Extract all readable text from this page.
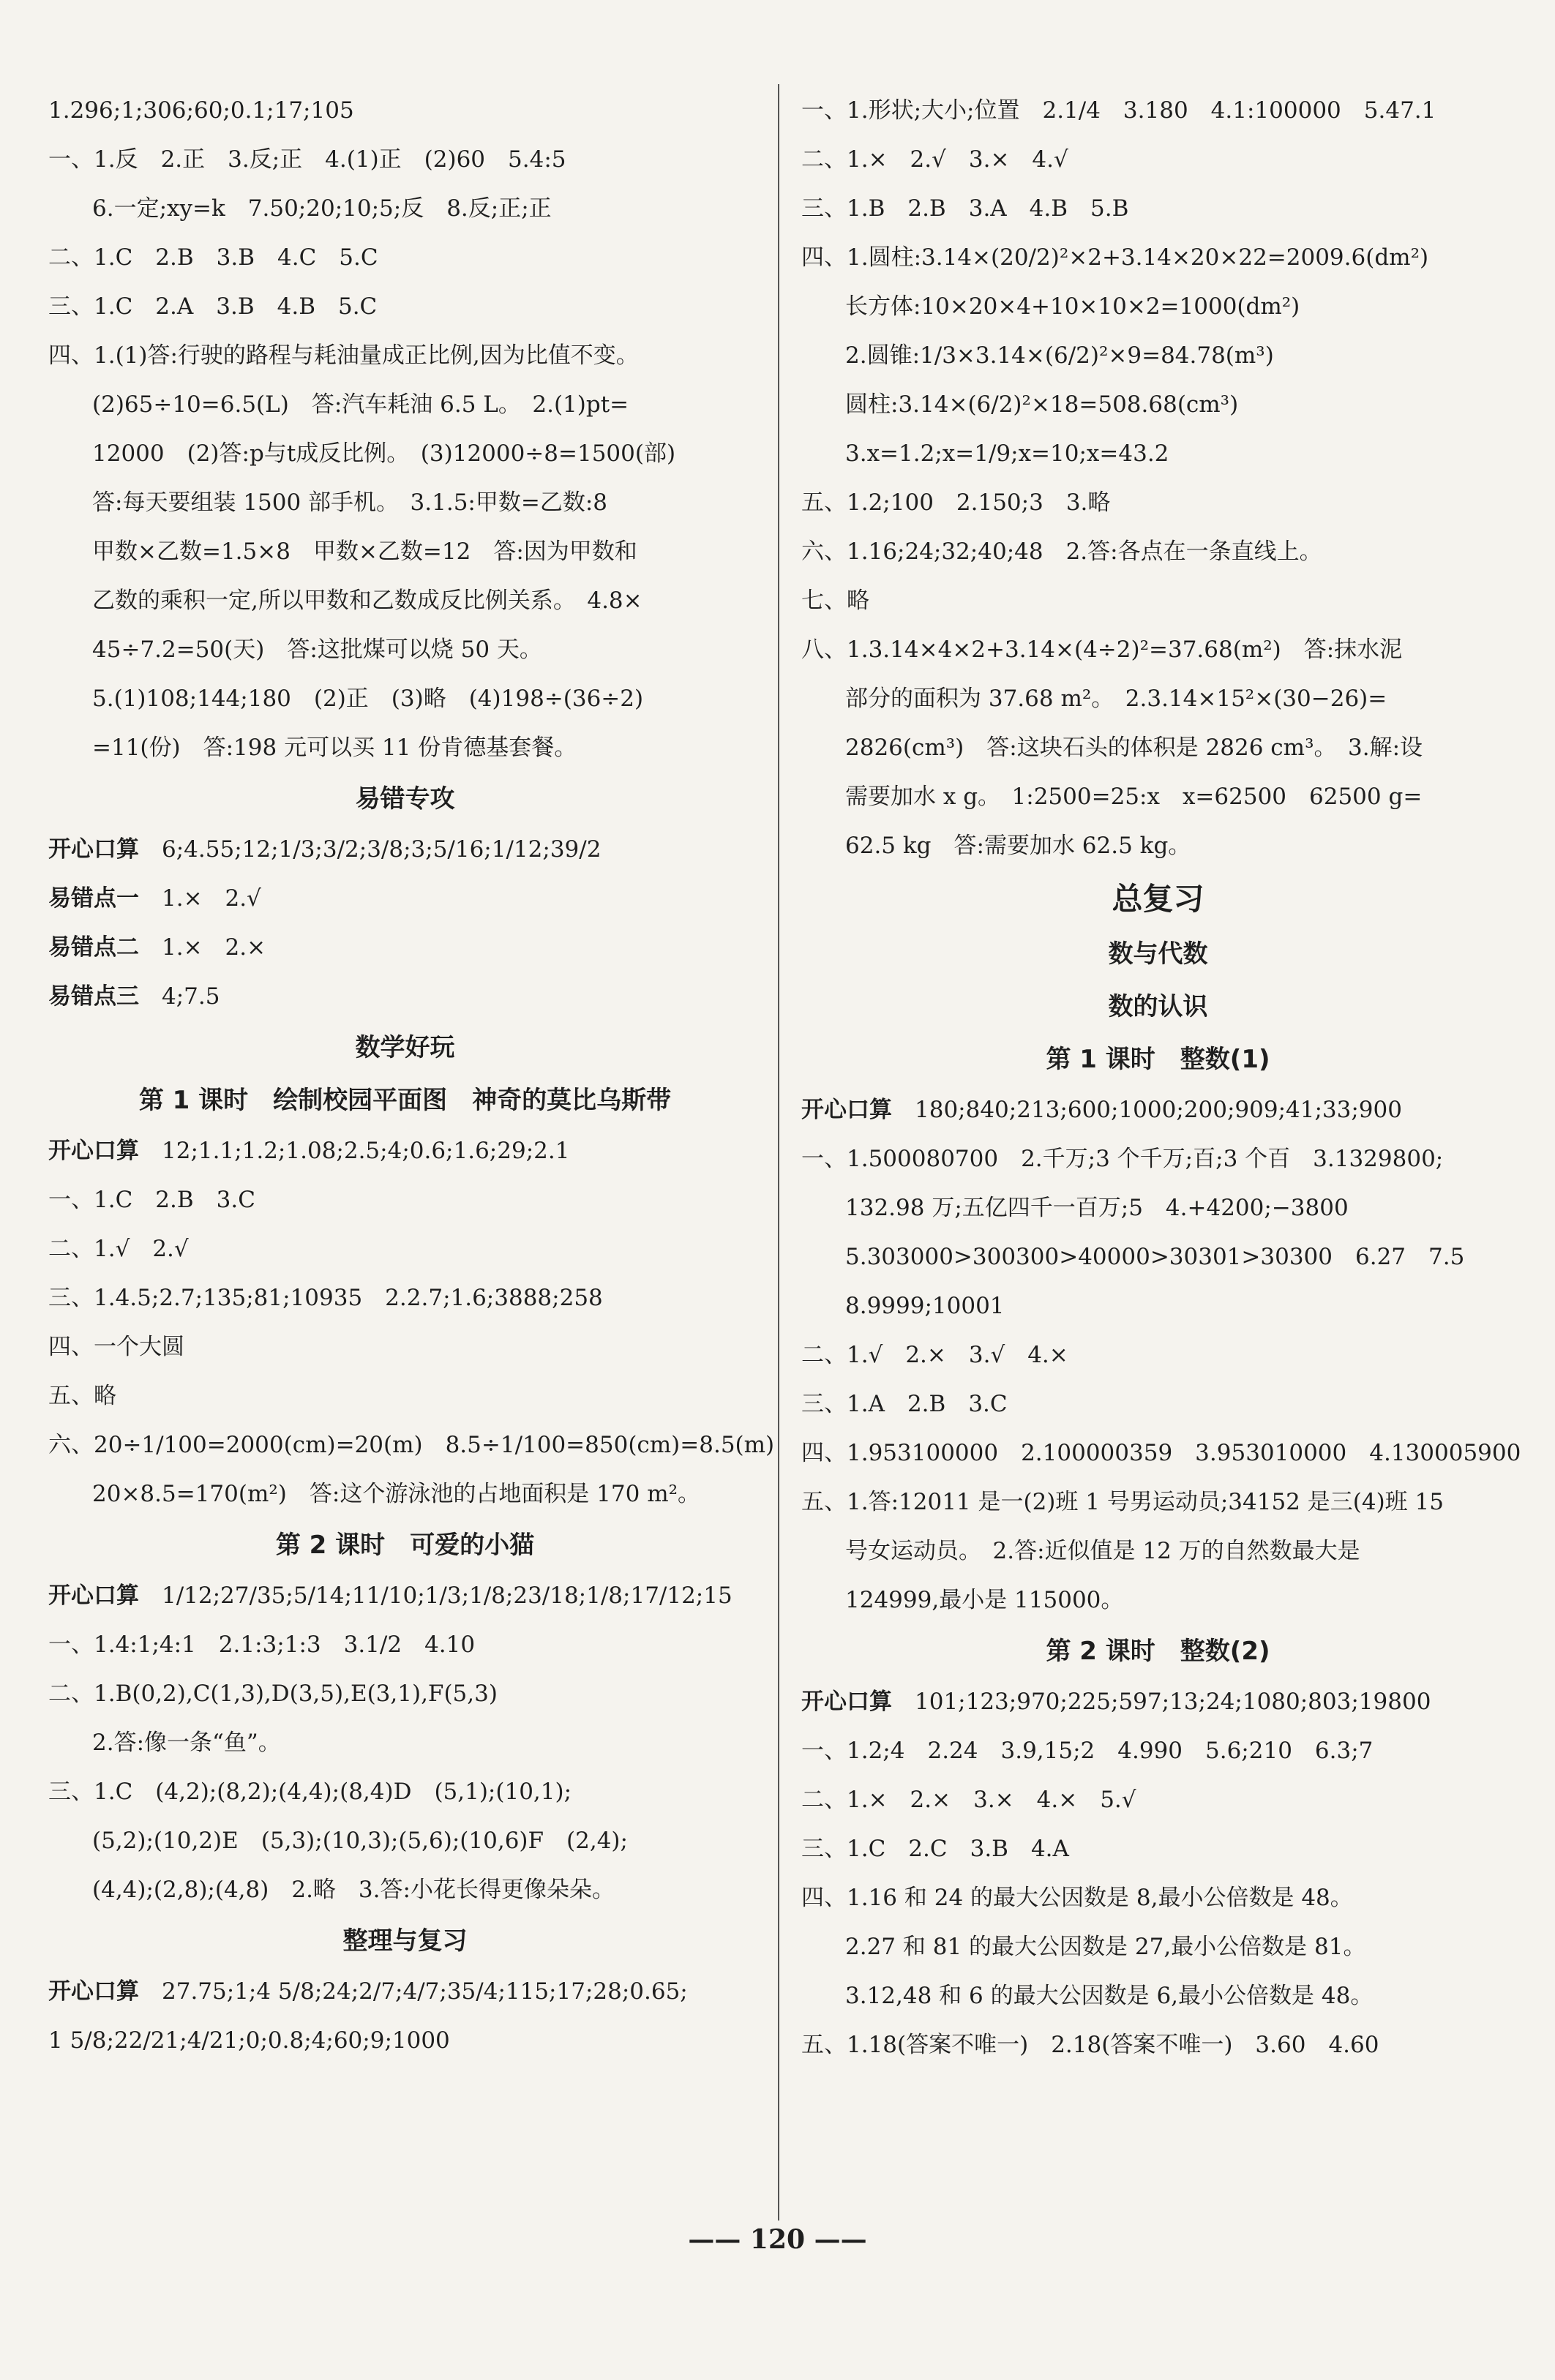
1.296;1;306;60;0.1;17;105
一、1.反　2.正　3.反;正　4.(1)正　(2)60　5.4:5
6.一定;xy=k　7.50;20;10;5;反　8.反;正;正
二、1.C　2.B　3.B　4.C　5.C
三、1.C　2.A　3.B　4.B　5.C
四、1.(1)答:行驶的路程与耗油量成正比例,因为比值不变。
(2)65÷10=6.5(L)　答:汽车耗油 6.5 L。　2.(1)pt=
12000　(2)答:p与t成反比例。　(3)12000÷8=1500(部)
答:每天要组装 1500 部手机。　3.1.5:甲数=乙数:8
甲数×乙数=1.5×8　甲数×乙数=12　答:因为甲数和
乙数的乘积一定,所以甲数和乙数成反比例关系。　4.8×
45÷7.2=50(天)　答:这批煤可以烧 50 天。
5.(1)108;144;180　(2)正　(3)略　(4)198÷(36÷2)
=11(份)　答:198 元可以买 11 份肯德基套餐。
易错专攻
开心口算　 6;4.55;12;1/3;3/2;3/8;3;5/16;1/12;39/2
易错点一　 1.×　2.√
易错点二　 1.×　2.×
易错点三　 4;7.5
数学好玩
第 1 课时　绘制校园平面图　神奇的莫比乌斯带
开心口算　 12;1.1;1.2;1.08;2.5;4;0.6;1.6;29;2.1
一、1.C　2.B　3.C
二、1.√　2.√
三、1.4.5;2.7;135;81;10935　2.2.7;1.6;3888;258
四、一个大圆
五、略
六、20÷1/100=2000(cm)=20(m)　8.5÷1/100=850(cm)=8.5(m)
20×8.5=170(m²)　答:这个游泳池的占地面积是 170 m²。
第 2 课时　可爱的小猫
开心口算　 1/12;27/35;5/14;11/10;1/3;1/8;23/18;1/8;17/12;15
一、1.4:1;4:1　2.1:3;1:3　3.1/2　4.10
二、1.B(0,2),C(1,3),D(3,5),E(3,1),F(5,3)
2.答:像一条“鱼”。
三、1.C　(4,2);(8,2);(4,4);(8,4)D　(5,1);(10,1);
(5,2);(10,2)E　(5,3);(10,3);(5,6);(10,6)F　(2,4);
(4,4);(2,8);(4,8)　2.略　3.答:小花长得更像朵朵。
整理与复习
开心口算　 27.75;1;4 5/8;24;2/7;4/7;35/4;115;17;28;0.65;
1 5/8;22/21;4/21;0;0.8;4;60;9;1000
一、1.形状;大小;位置　2.1/4　3.180　4.1:100000　5.47.1
二、1.×　2.√　3.×　4.√
三、1.B　2.B　3.A　4.B　5.B
四、1.圆柱:3.14×(20/2)²×2+3.14×20×22=2009.6(dm²)
长方体:10×20×4+10×10×2=1000(dm²)
2.圆锥:1/3×3.14×(6/2)²×9=84.78(m³)
圆柱:3.14×(6/2)²×18=508.68(cm³)
3.x=1.2;x=1/9;x=10;x=43.2
五、1.2;100　2.150;3　3.略
六、1.16;24;32;40;48　2.答:各点在一条直线上。
七、略
八、1.3.14×4×2+3.14×(4÷2)²=37.68(m²)　答:抹水泥
部分的面积为 37.68 m²。　2.3.14×15²×(30−26)=
2826(cm³)　答:这块石头的体积是 2826 cm³。　3.解:设
需要加水 x g。　1:2500=25:x　x=62500　62500 g=
62.5 kg　答:需要加水 62.5 kg。
总复习
数与代数
数的认识
第 1 课时　整数(1)
开心口算　 180;840;213;600;1000;200;909;41;33;900
一、1.500080700　2.千万;3 个千万;百;3 个百　3.1329800;
132.98 万;五亿四千一百万;5　4.+4200;−3800
5.303000>300300>40000>30301>30300　6.27　7.5
8.9999;10001
二、1.√　2.×　3.√　4.×
三、1.A　2.B　3.C
四、1.953100000　2.100000359　3.953010000　4.130005900
五、1.答:12011 是一(2)班 1 号男运动员;34152 是三(4)班 15
号女运动员。　2.答:近似值是 12 万的自然数最大是
124999,最小是 115000。
第 2 课时　整数(2)
开心口算　 101;123;970;225;597;13;24;1080;803;19800
一、1.2;4　2.24　3.9,15;2　4.990　5.6;210　6.3;7
二、1.×　2.×　3.×　4.×　5.√
三、1.C　2.C　3.B　4.A
四、1.16 和 24 的最大公因数是 8,最小公倍数是 48。
2.27 和 81 的最大公因数是 27,最小公倍数是 81。
3.12,48 和 6 的最大公因数是 6,最小公倍数是 48。
五、1.18(答案不唯一)　2.18(答案不唯一)　3.60　4.60
—— 120 ——
